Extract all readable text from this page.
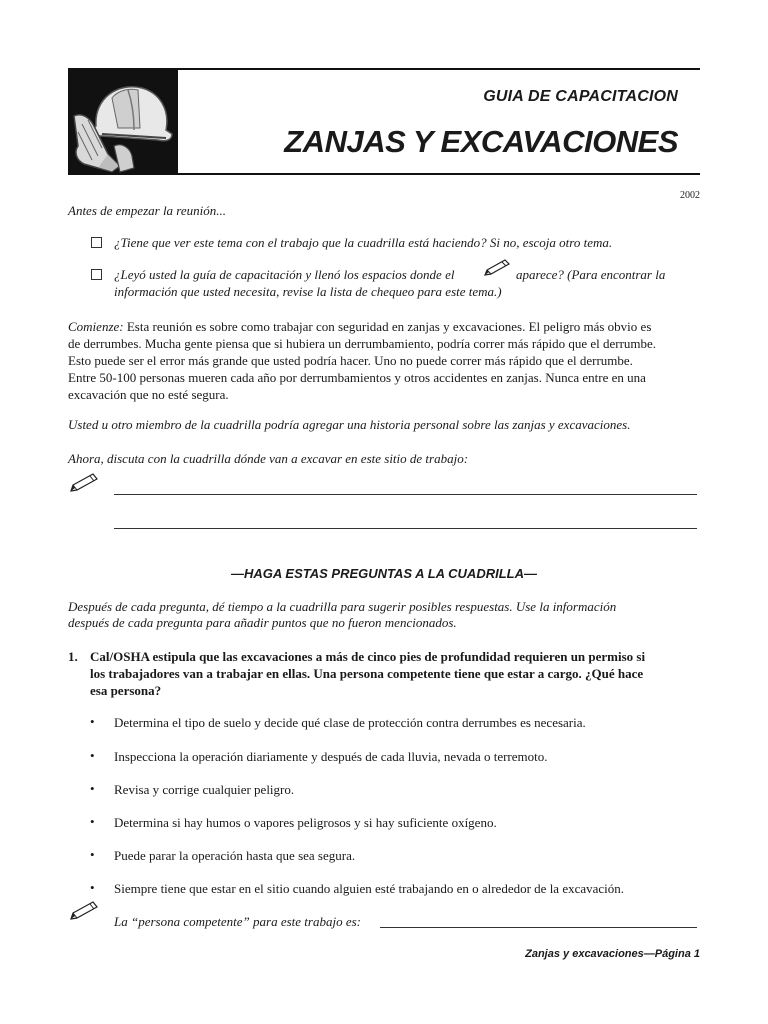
GUIA DE CAPACITACION
ZANJAS Y EXCAVACIONES
2002
Antes de empezar la reunión...
¿Tiene que ver este tema con el trabajo que la cuadrilla está haciendo? Si no, escoja otro tema.
¿Leyó usted la guía de capacitación y llenó los espacios donde el	aparece? (Para encontrar la
información que usted necesita, revise la lista de chequeo para este tema.)
Comienze: Esta reunión es sobre como trabajar con seguridad en zanjas y excavaciones. El peligro más obvio es
de derrumbes. Mucha gente piensa que si hubiera un derrumbamiento, podría correr más rápido que el derrumbe.
Esto puede ser el error más grande que usted podría hacer. Uno no puede correr más rápido que el derrumbe.
Entre 50-100 personas mueren cada año por derrumbamientos y otros accidentes en zanjas. Nunca entre en una
excavación que no esté segura.
Usted u otro miembro de la cuadrilla podría agregar una historia personal sobre las zanjas y excavaciones.
Ahora, discuta con la cuadrilla dónde van a excavar en este sitio de trabajo:
—HAGA ESTAS PREGUNTAS A LA CUADRILLA—
Después de cada pregunta, dé tiempo a la cuadrilla para sugerir posibles respuestas. Use la información
después de cada pregunta para añadir puntos que no fueron mencionados.
1. Cal/OSHA estipula que las excavaciones a más de cinco pies de profundidad requieren un permiso si
los trabajadores van a trabajar en ellas. Una persona competente tiene que estar a cargo. ¿Qué hace
esa persona?
• Determina el tipo de suelo y decide qué clase de protección contra derrumbes es necesaria.
• Inspecciona la operación diariamente y después de cada lluvia, nevada o terremoto.
• Revisa y corrige cualquier peligro.
• Determina si hay humos o vapores peligrosos y si hay suficiente oxígeno.
• Puede parar la operación hasta que sea segura.
• Siempre tiene que estar en el sitio cuando alguien esté trabajando en o alrededor de la excavación.
La “persona competente” para este trabajo es:
Zanjas y excavaciones—Página 1
